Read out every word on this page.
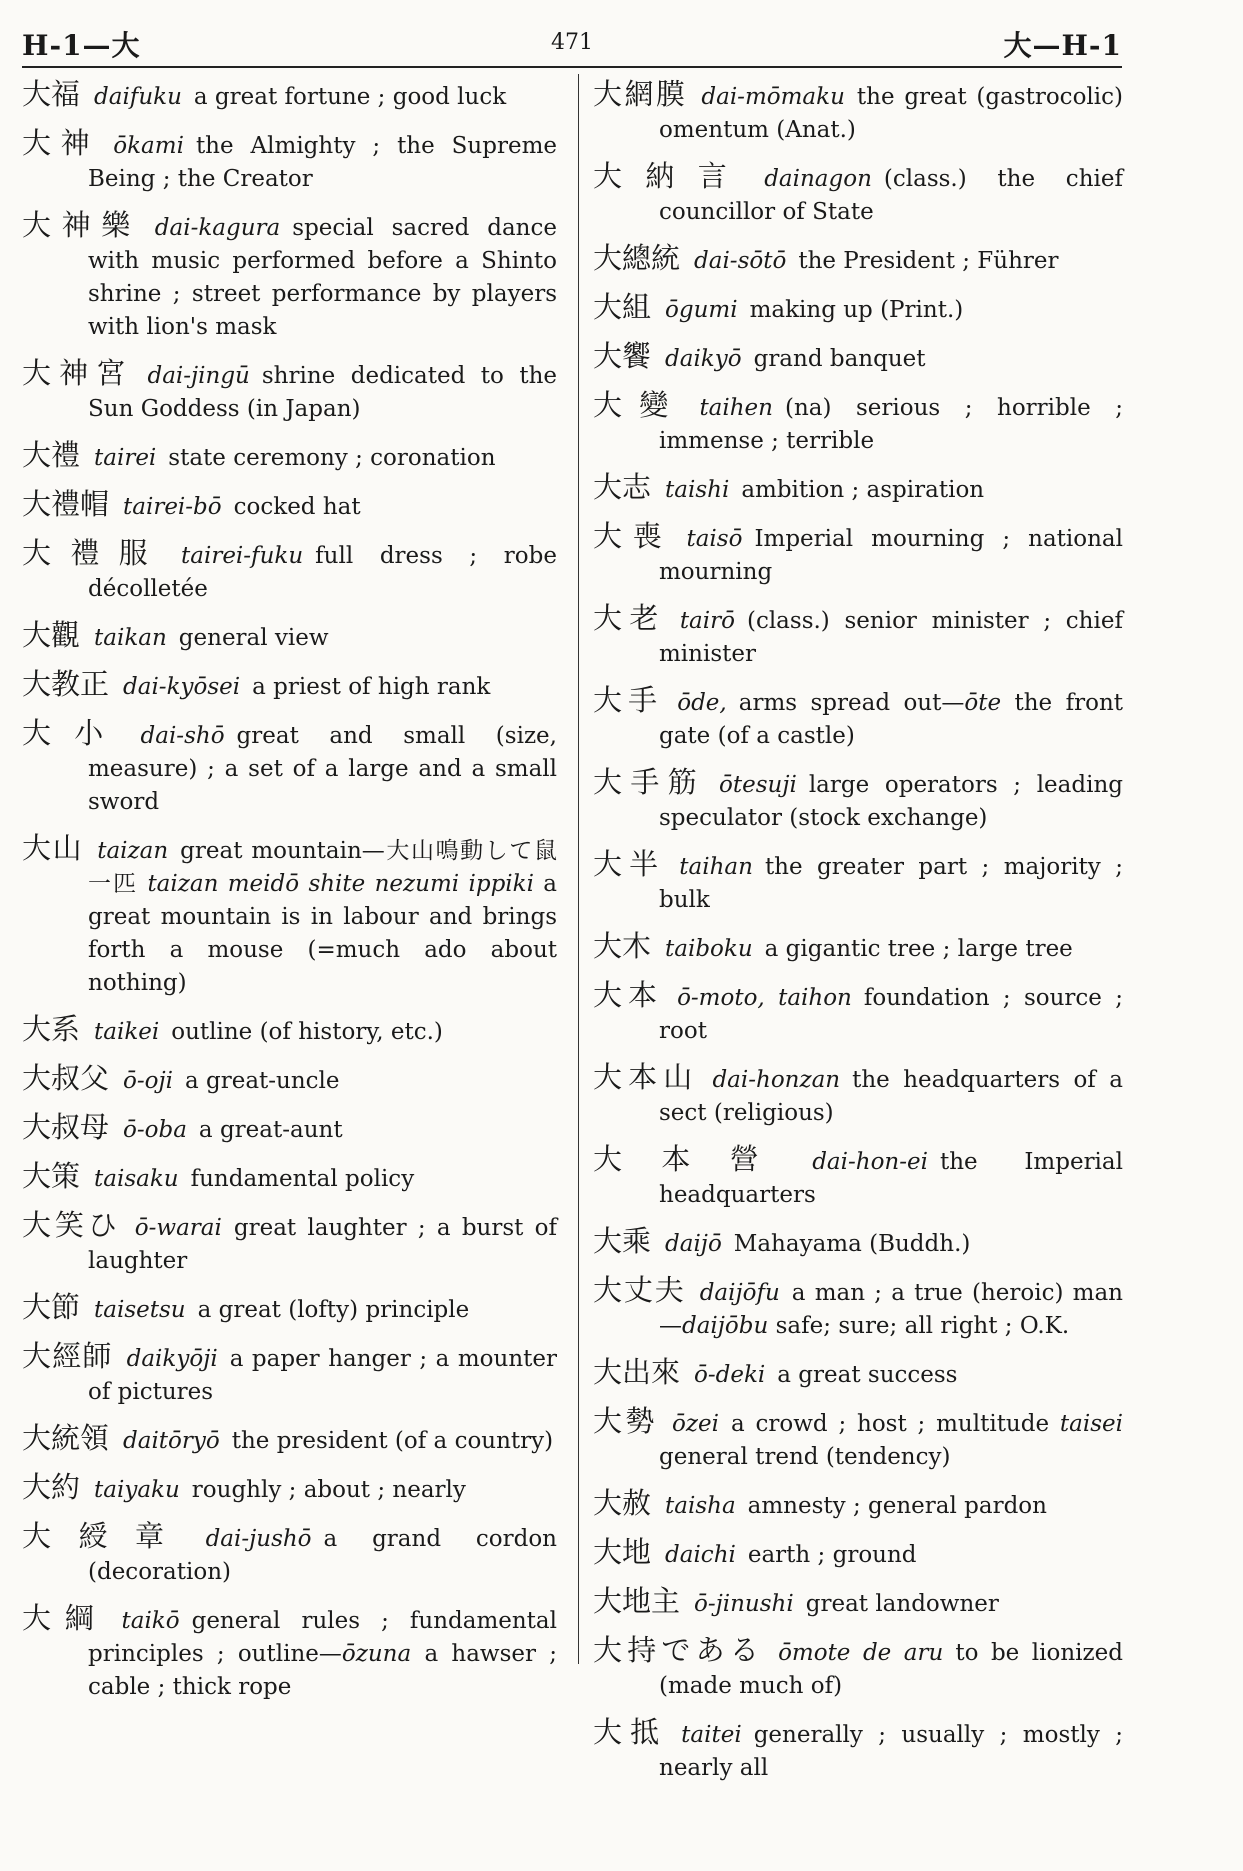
H-1—大	471	大—H-1
大福 daifuku a great fortune ; good luck
大神 ōkami the Almighty ; the Supreme Being ; the Creator
大神樂 dai-kagura special sacred dance with music performed before a Shinto shrine ; street performance by players with lion's mask
大神宮 dai-jingū shrine dedicated to the Sun Goddess (in Japan)
大禮 tairei state ceremony ; coronation
大禮帽 tairei-bō cocked hat
大禮服 tairei-fuku full dress ; robe décolletée
大觀 taikan general view
大教正 dai-kyōsei a priest of high rank
大小 dai-shō great and small (size, measure) ; a set of a large and a small sword
大山 taizan great mountain—大山鳴動して鼠一匹 taizan meidō shite nezumi ippiki a great mountain is in labour and brings forth a mouse (=much ado about nothing)
大系 taikei outline (of history, etc.)
大叔父 ō-oji a great-uncle
大叔母 ō-oba a great-aunt
大策 taisaku fundamental policy
大笑ひ ō-warai great laughter ; a burst of laughter
大節 taisetsu a great (lofty) principle
大經師 daikyōji a paper hanger ; a mounter of pictures
大統領 daitōryō the president (of a country)
大約 taiyaku roughly ; about ; nearly
大綬章 dai-jushō a grand cordon (decoration)
大綱 taikō general rules ; fundamental principles ; outline—ōzuna a hawser ; cable ; thick rope
大網膜 dai-mōmaku the great (gastrocolic) omentum (Anat.)
大納言 dainagon (class.) the chief councillor of State
大總統 dai-sōtō the President ; Führer
大組 ōgumi making up (Print.)
大饗 daikyō grand banquet
大變 taihen (na) serious ; horrible ; immense ; terrible
大志 taishi ambition ; aspiration
大喪 taisō Imperial mourning ; national mourning
大老 tairō (class.) senior minister ; chief minister
大手 ōde, arms spread out—ōte the front gate (of a castle)
大手筋 ōtesuji large operators ; leading speculator (stock exchange)
大半 taihan the greater part ; majority ; bulk
大木 taiboku a gigantic tree ; large tree
大本 ō-moto, taihon foundation ; source ; root
大本山 dai-honzan the headquarters of a sect (religious)
大本營 dai-hon-ei the Imperial headquarters
大乘 daijō Mahayama (Buddh.)
大丈夫 daijōfu a man ; a true (heroic) man—daijōbu safe; sure; all right ; O.K.
大出來 ō-deki a great success
大勢 ōzei a crowd ; host ; multitude taisei general trend (tendency)
大赦 taisha amnesty ; general pardon
大地 daichi earth ; ground
大地主 ō-jinushi great landowner
大持である ōmote de aru to be lionized (made much of)
大抵 taitei generally ; usually ; mostly ; nearly all
